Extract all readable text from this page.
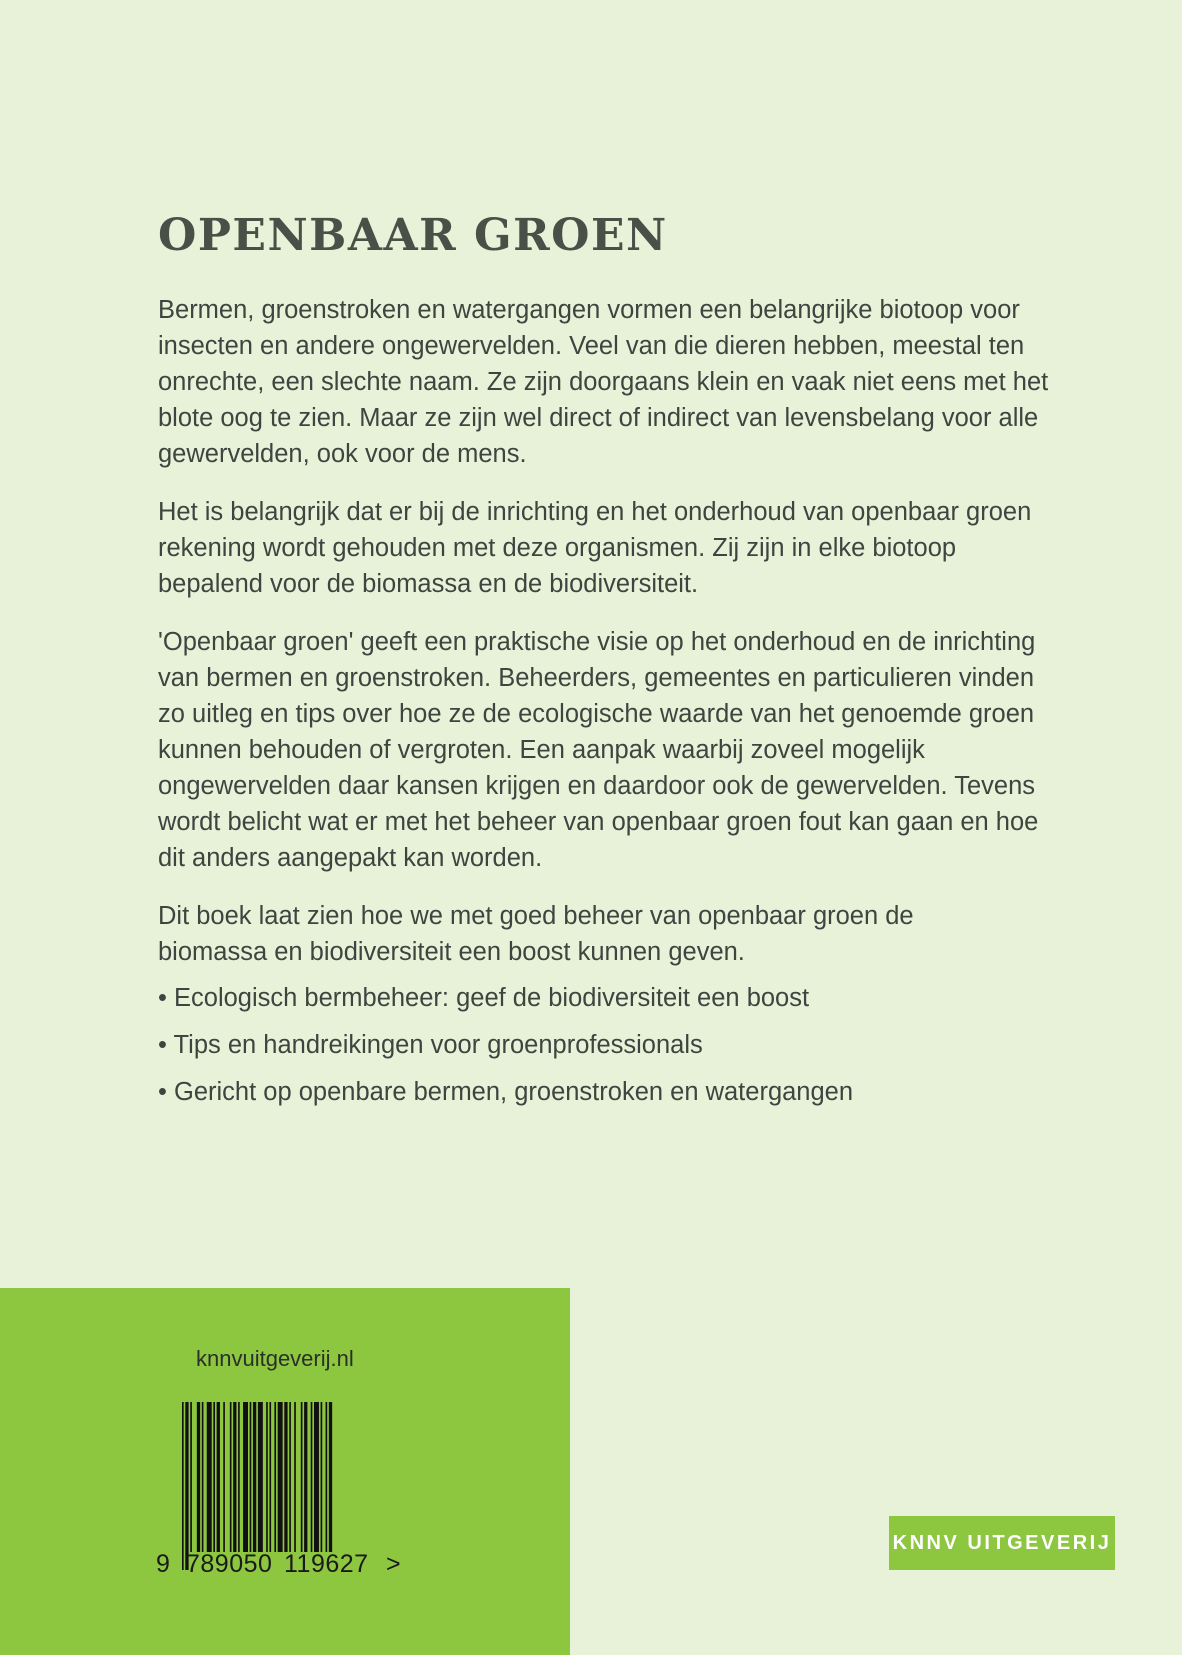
OPENBAAR GROEN

Bermen, groenstroken en watergangen vormen een belangrijke biotoop voor insecten en andere ongewervelden. Veel van die dieren hebben, meestal ten onrechte, een slechte naam. Ze zijn doorgaans klein en vaak niet eens met het blote oog te zien. Maar ze zijn wel direct of indirect van levensbelang voor alle gewervelden, ook voor de mens.

Het is belangrijk dat er bij de inrichting en het onderhoud van openbaar groen rekening wordt gehouden met deze organismen. Zij zijn in elke biotoop bepalend voor de biomassa en de biodiversiteit.

'Openbaar groen' geeft een praktische visie op het onderhoud en de inrichting van bermen en groenstroken. Beheerders, gemeentes en particulieren vinden zo uitleg en tips over hoe ze de ecologische waarde van het genoemde groen kunnen behouden of vergroten. Een aanpak waarbij zoveel mogelijk ongewervelden daar kansen krijgen en daardoor ook de gewervelden. Tevens wordt belicht wat er met het beheer van openbaar groen fout kan gaan en hoe dit anders aangepakt kan worden.

Dit boek laat zien hoe we met goed beheer van openbaar groen de biomassa en biodiversiteit een boost kunnen geven.

• Ecologisch bermbeheer: geef de biodiversiteit een boost
• Tips en handreikingen voor groenprofessionals
• Gericht op openbare bermen, groenstroken en watergangen
knnvuitgeverij.nl
9 789050 119627 >
KNNV UITGEVERIJ
